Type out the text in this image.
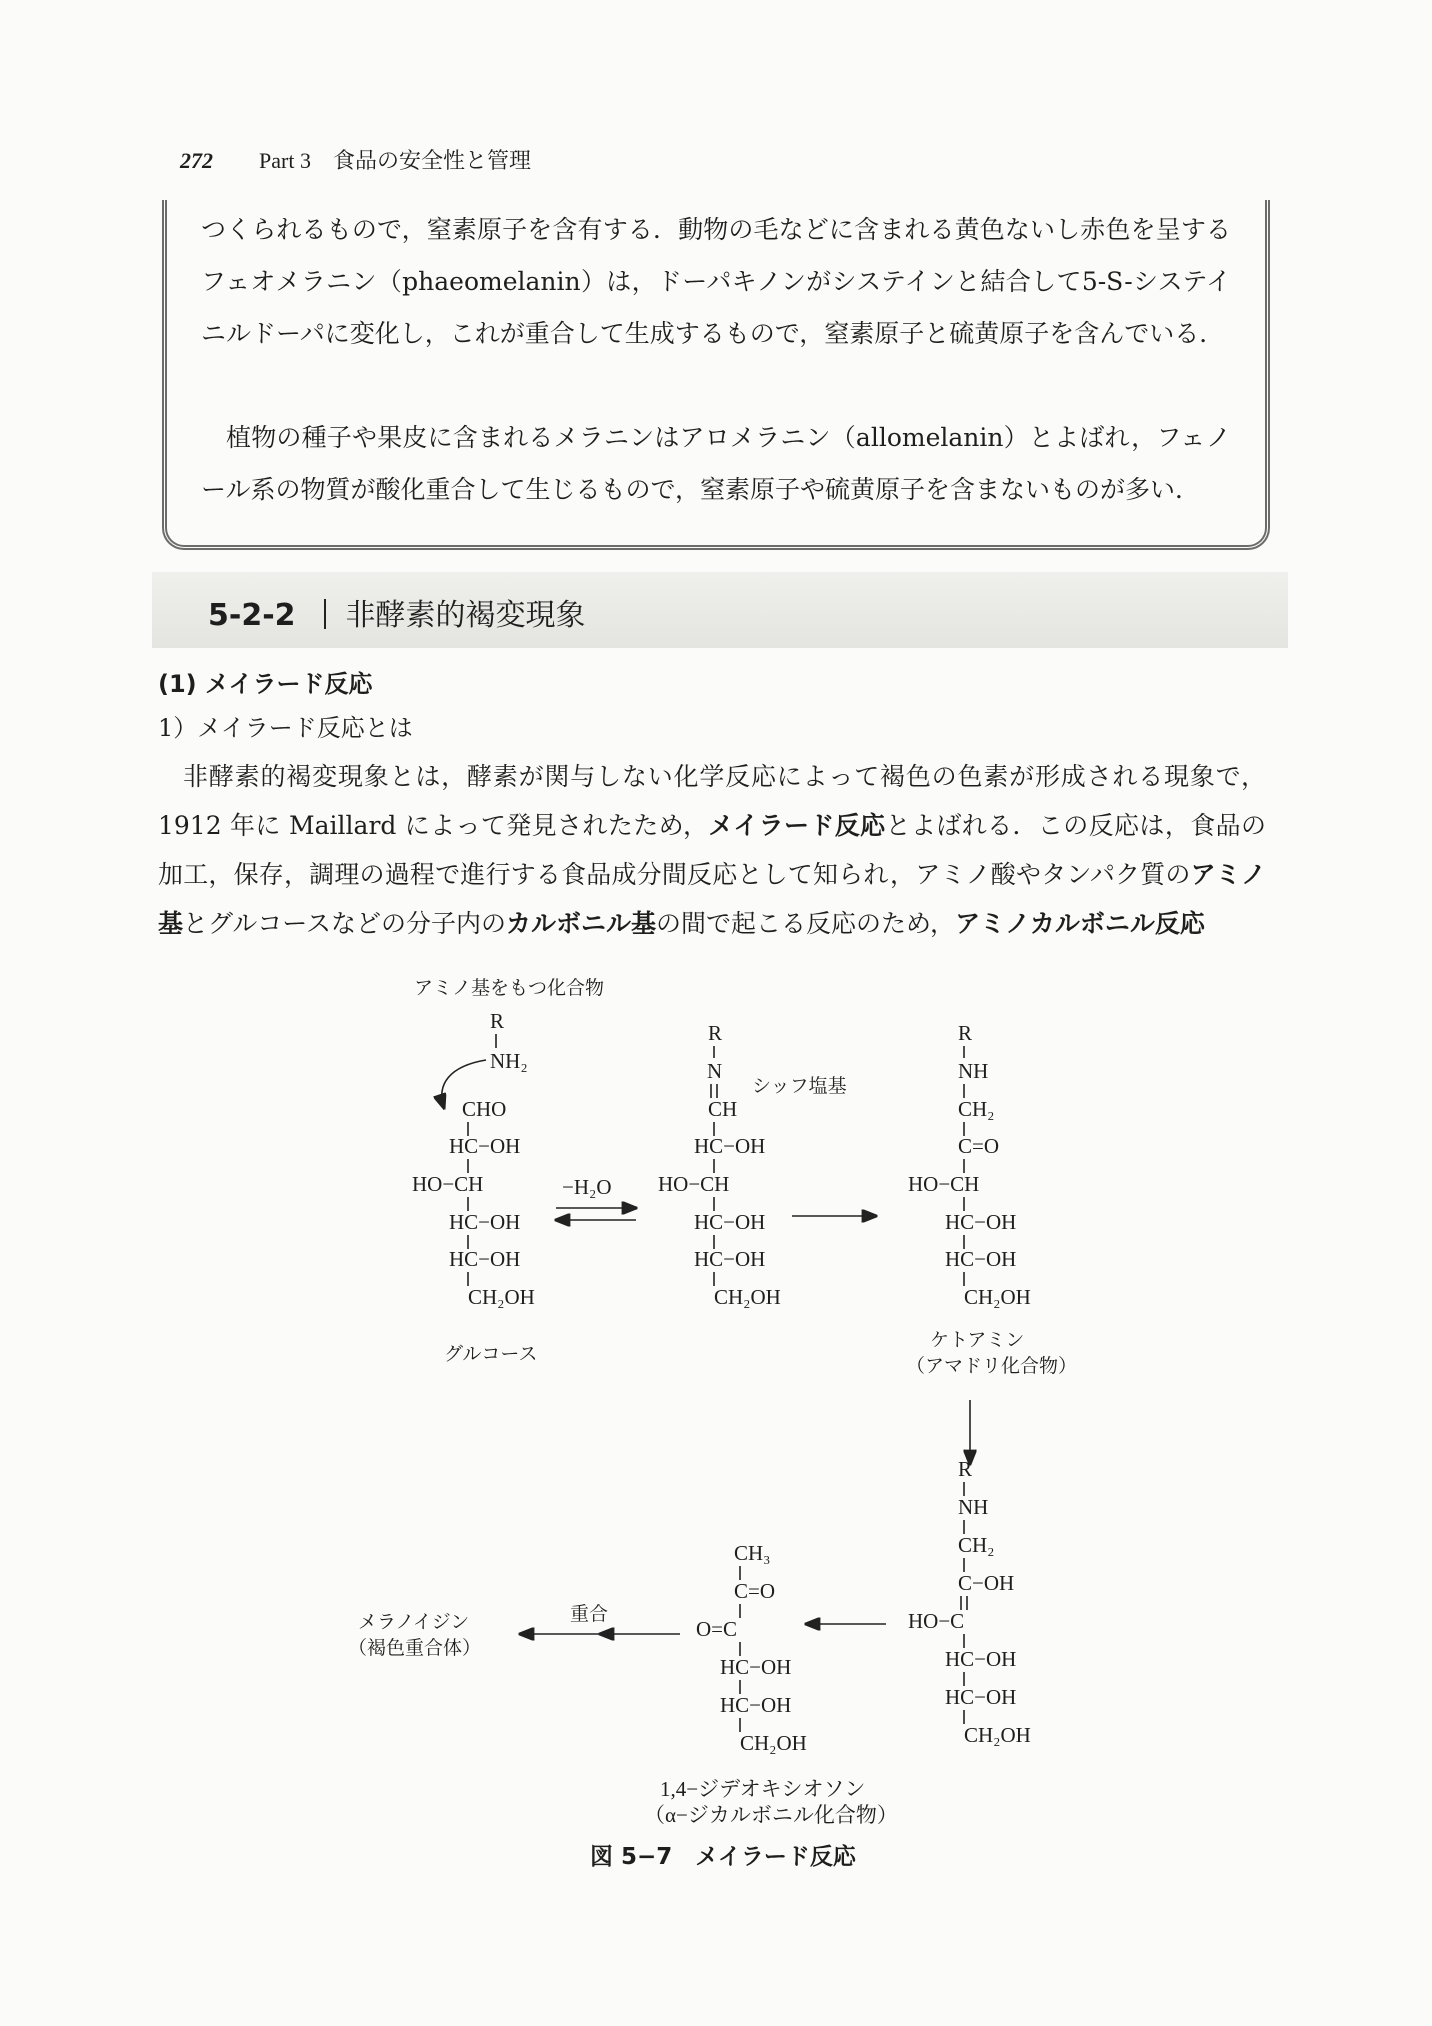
272 Part 3　食品の安全性と管理

つくられるもので，窒素原子を含有する．動物の毛などに含まれる黄色ないし赤色を呈するフェオメラニン（phaeomelanin）は，ドーパキノンがシステインと結合して5-S-システイニルドーパに変化し，これが重合して生成するもので，窒素原子と硫黄原子を含んでいる．

植物の種子や果皮に含まれるメラニンはアロメラニン（allomelanin）とよばれ，フェノール系の物質が酸化重合して生じるもので，窒素原子や硫黄原子を含まないものが多い．

5-2-2 非酵素的褐変現象
(1) メイラード反応
1）メイラード反応とは
非酵素的褐変現象とは，酵素が関与しない化学反応によって褐色の色素が形成される現象で，1912 年に Maillard によって発見されたため，メイラード反応とよばれる．この反応は，食品の加工，保存，調理の過程で進行する食品成分間反応として知られ，アミノ酸やタンパク質のアミノ基とグルコースなどの分子内のカルボニル基の間で起こる反応のため，アミノカルボニル反応
アミノ基をもつ化合物
R
NH₂
CHO
HC−OH
HO−CH
HC−OH
HC−OH
CH₂OH
グルコース
−H₂O
R
N
シッフ塩基
CH
HC−OH
HO−CH
HC−OH
HC−OH
CH₂OH
R
NH
CH₂
C=O
HO−CH
HC−OH
HC−OH
CH₂OH
ケトアミン
（アマドリ化合物）
R
NH
CH₂
C−OH
HO−C
HC−OH
HC−OH
CH₂OH
CH₃
C=O
O=C
HC−OH
HC−OH
CH₂OH
1,4−ジデオキシオソン
（α−ジカルボニル化合物）
重合
メラノイジン
（褐色重合体）
図 5−7　メイラード反応
